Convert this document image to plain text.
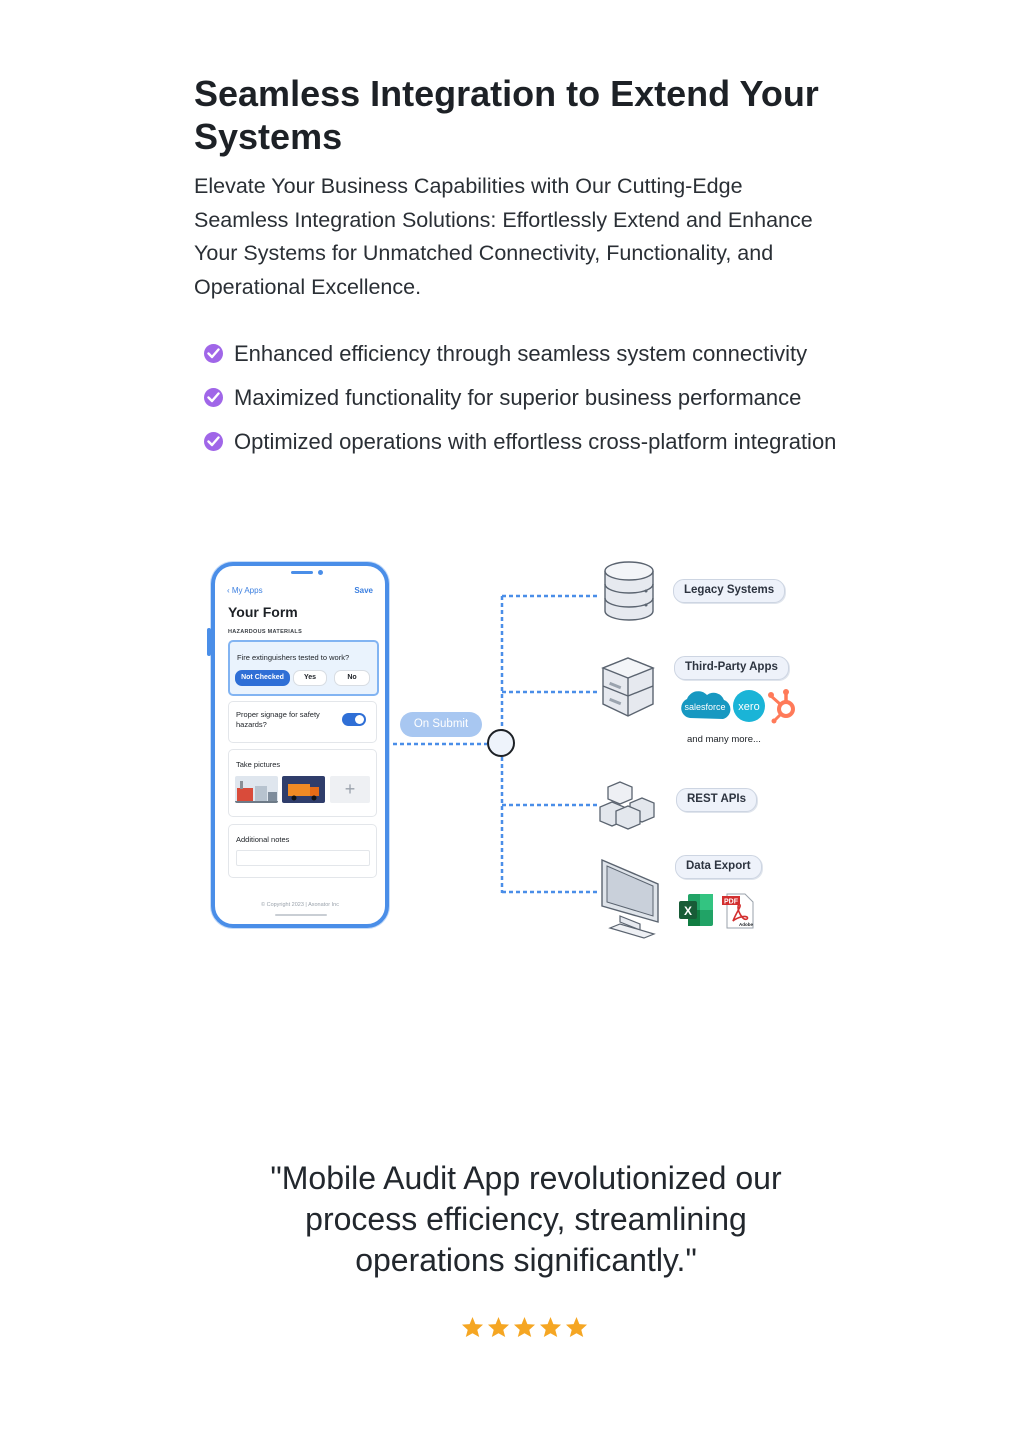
Seamless Integration to Extend Your Systems

Elevate Your Business Capabilities with Our Cutting-Edge Seamless Integration Solutions: Effortlessly Extend and Enhance Your Systems for Unmatched Connectivity, Functionality, and Operational Excellence.

Enhanced efficiency through seamless system connectivity
Maximized functionality for superior business performance
Optimized operations with effortless cross-platform integration
‹ My Apps	Save
Your Form
HAZARDOUS MATERIALS
Fire extinguishers tested to work?
Not Checked	Yes	No
Proper signage for safety hazards?
Take pictures
+
Additional notes
© Copyright 2023 | Axonator Inc
On Submit
Legacy Systems
Third-Party Apps
salesforce xero
and many more...
REST APIs
Data Export
X
PDF
Adobe

"Mobile Audit App revolutionized our process efficiency, streamlining operations significantly."
